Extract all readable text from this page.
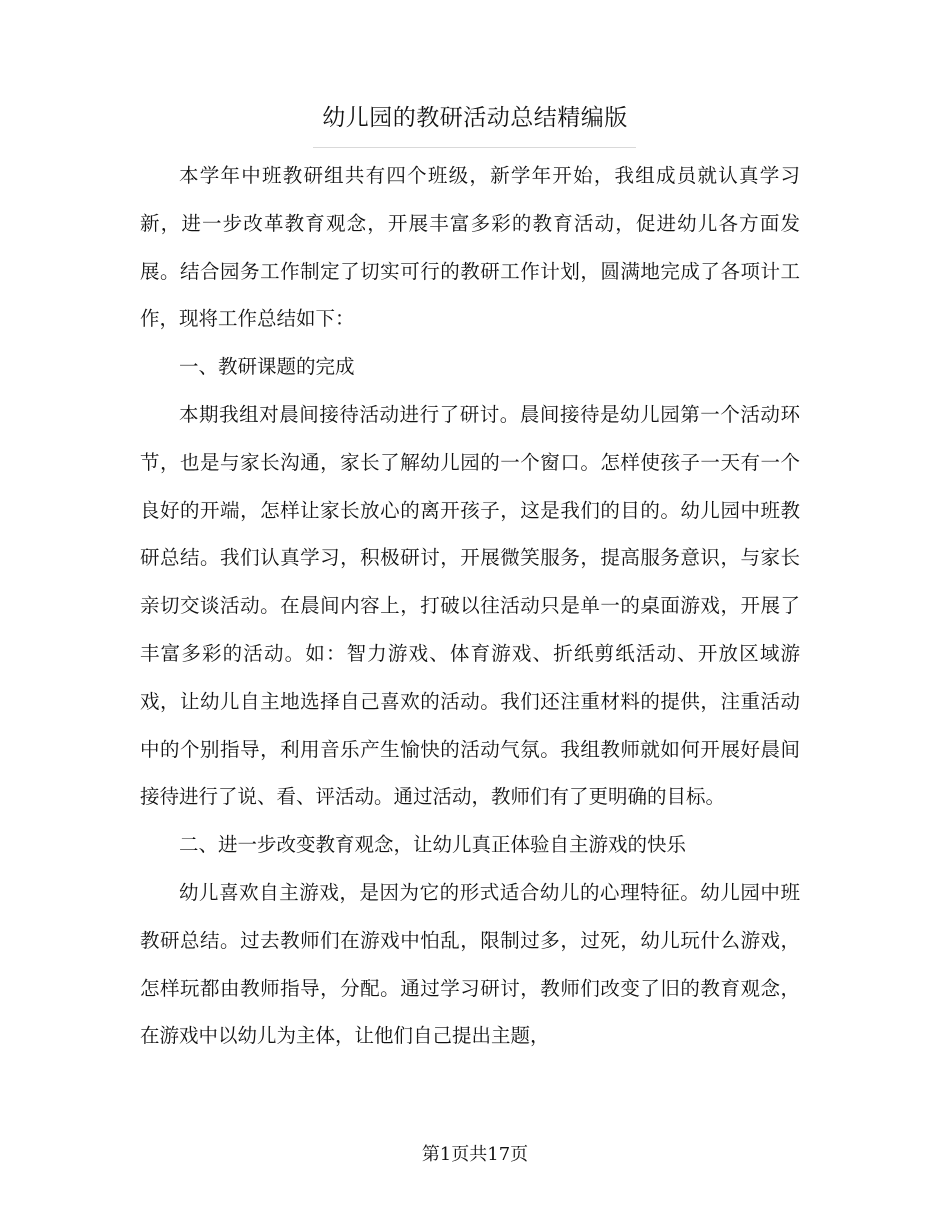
幼儿园的教研活动总结精编版

本学年中班教研组共有四个班级，新学年开始，我组成员就认真学习新，进一步改革教育观念，开展丰富多彩的教育活动，促进幼儿各方面发展。结合园务工作制定了切实可行的教研工作计划，圆满地完成了各项计工作，现将工作总结如下：

一、教研课题的完成

本期我组对晨间接待活动进行了研讨。晨间接待是幼儿园第一个活动环节，也是与家长沟通，家长了解幼儿园的一个窗口。怎样使孩子一天有一个良好的开端，怎样让家长放心的离开孩子，这是我们的目的。幼儿园中班教研总结。我们认真学习，积极研讨，开展微笑服务，提高服务意识，与家长亲切交谈活动。在晨间内容上，打破以往活动只是单一的桌面游戏，开展了丰富多彩的活动。如：智力游戏、体育游戏、折纸剪纸活动、开放区域游戏，让幼儿自主地选择自己喜欢的活动。我们还注重材料的提供，注重活动中的个别指导，利用音乐产生愉快的活动气氛。我组教师就如何开展好晨间接待进行了说、看、评活动。通过活动，教师们有了更明确的目标。

二、进一步改变教育观念，让幼儿真正体验自主游戏的快乐

幼儿喜欢自主游戏，是因为它的形式适合幼儿的心理特征。幼儿园中班教研总结。过去教师们在游戏中怕乱，限制过多，过死，幼儿玩什么游戏，怎样玩都由教师指导，分配。通过学习研讨，教师们改变了旧的教育观念，在游戏中以幼儿为主体，让他们自己提出主题，

第1页共17页
